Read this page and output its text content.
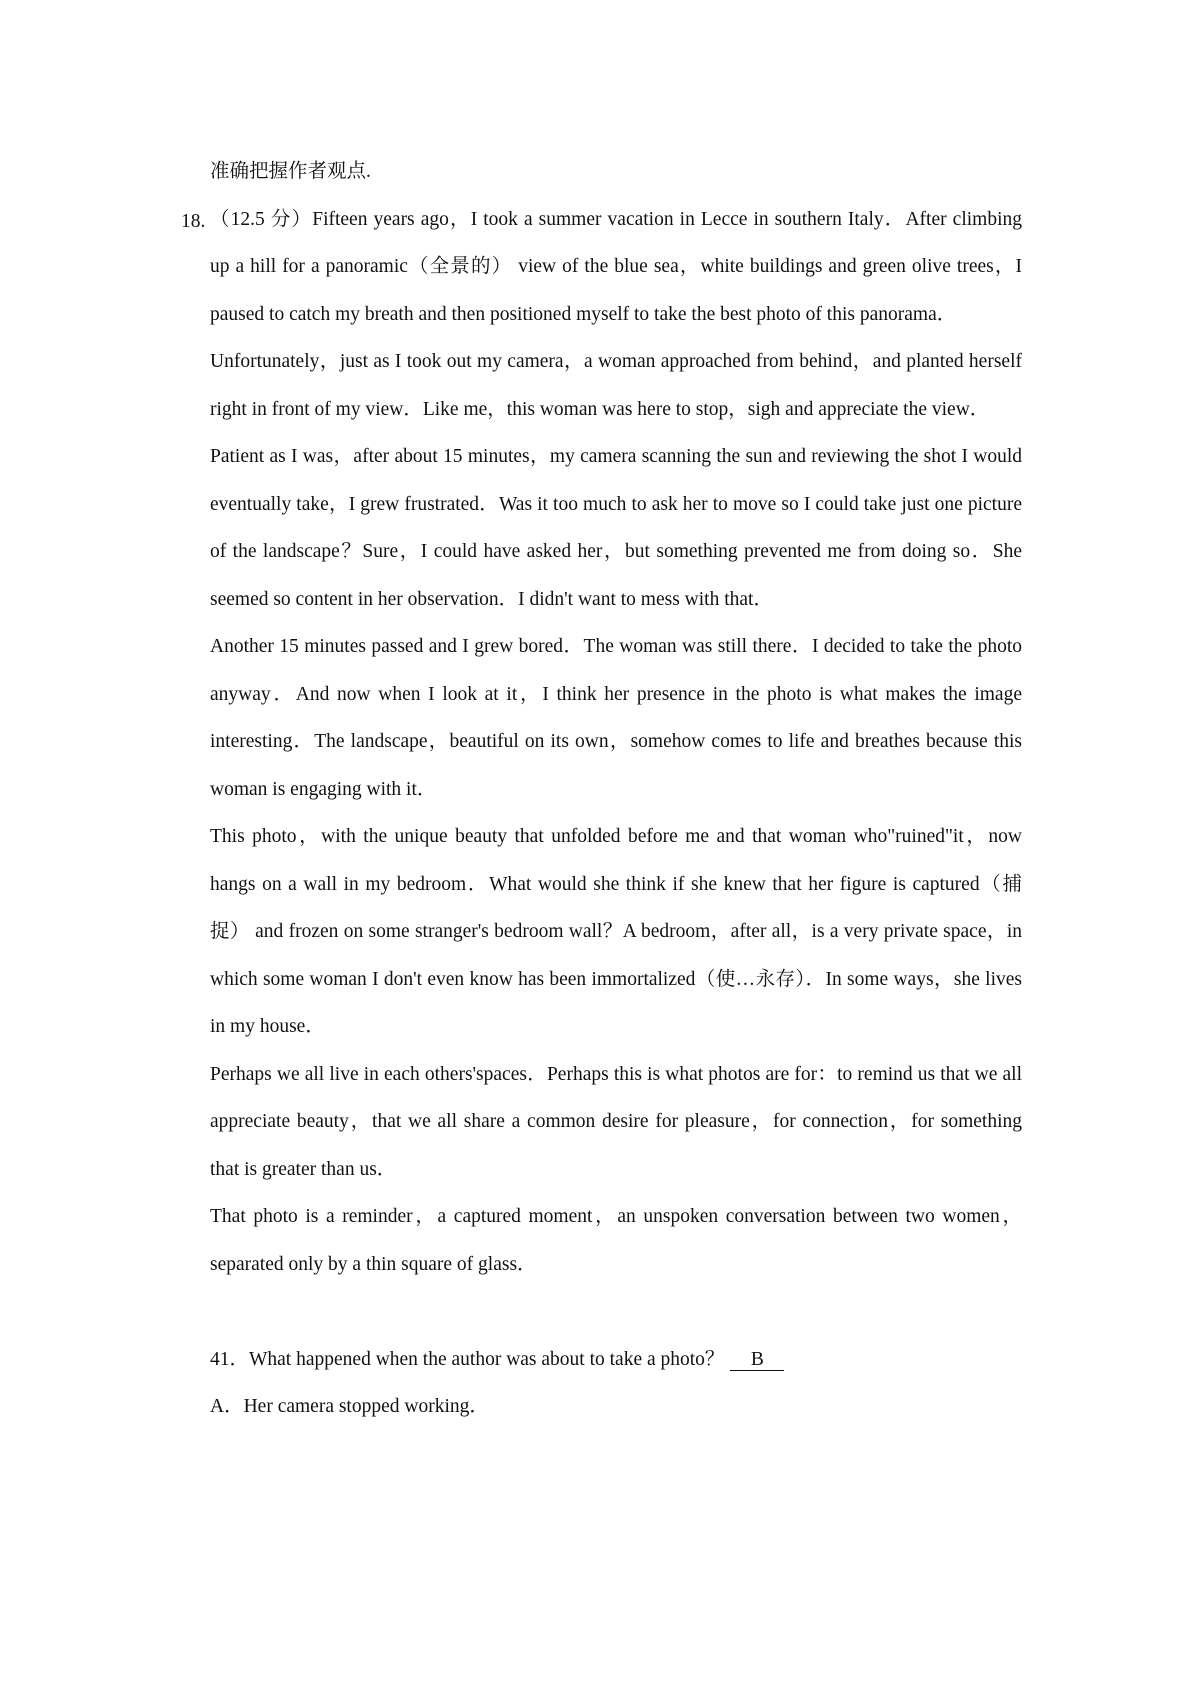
18.

准确把握作者观点.

（12.5 分）Fifteen years ago，I took a summer vacation in Lecce in southern Italy．After climbing up a hill for a panoramic（全景的） view of the blue sea，white buildings and green olive trees，I paused to catch my breath and then positioned myself to take the best photo of this panorama．

Unfortunately，just as I took out my camera，a woman approached from behind，and planted herself right in front of my view．Like me，this woman was here to stop，sigh and appreciate the view．

Patient as I was，after about 15 minutes，my camera scanning the sun and reviewing the shot I would eventually take，I grew frustrated．Was it too much to ask her to move so I could take just one picture of the landscape？Sure，I could have asked her，but something prevented me from doing so．She seemed so content in her observation．I didn't want to mess with that．

Another 15 minutes passed and I grew bored．The woman was still there．I decided to take the photo anyway．And now when I look at it，I think her presence in the photo is what makes the image interesting．The landscape，beautiful on its own，somehow comes to life and breathes because this woman is engaging with it．

This photo，with the unique beauty that unfolded before me and that woman who"ruined"it，now hangs on a wall in my bedroom．What would she think if she knew that her figure is captured（捕捉） and frozen on some stranger's bedroom wall？A bedroom，after all，is a very private space，in which some woman I don't even know has been immortalized（使…永存）．In some ways，she lives in my house．

Perhaps we all live in each others'spaces．Perhaps this is what photos are for：to remind us that we all appreciate beauty，that we all share a common desire for pleasure，for connection，for something that is greater than us．

That photo is a reminder，a captured moment，an unspoken conversation between two women，separated only by a thin square of glass．

41．What happened when the author was about to take a photo？ B

A．Her camera stopped working．
